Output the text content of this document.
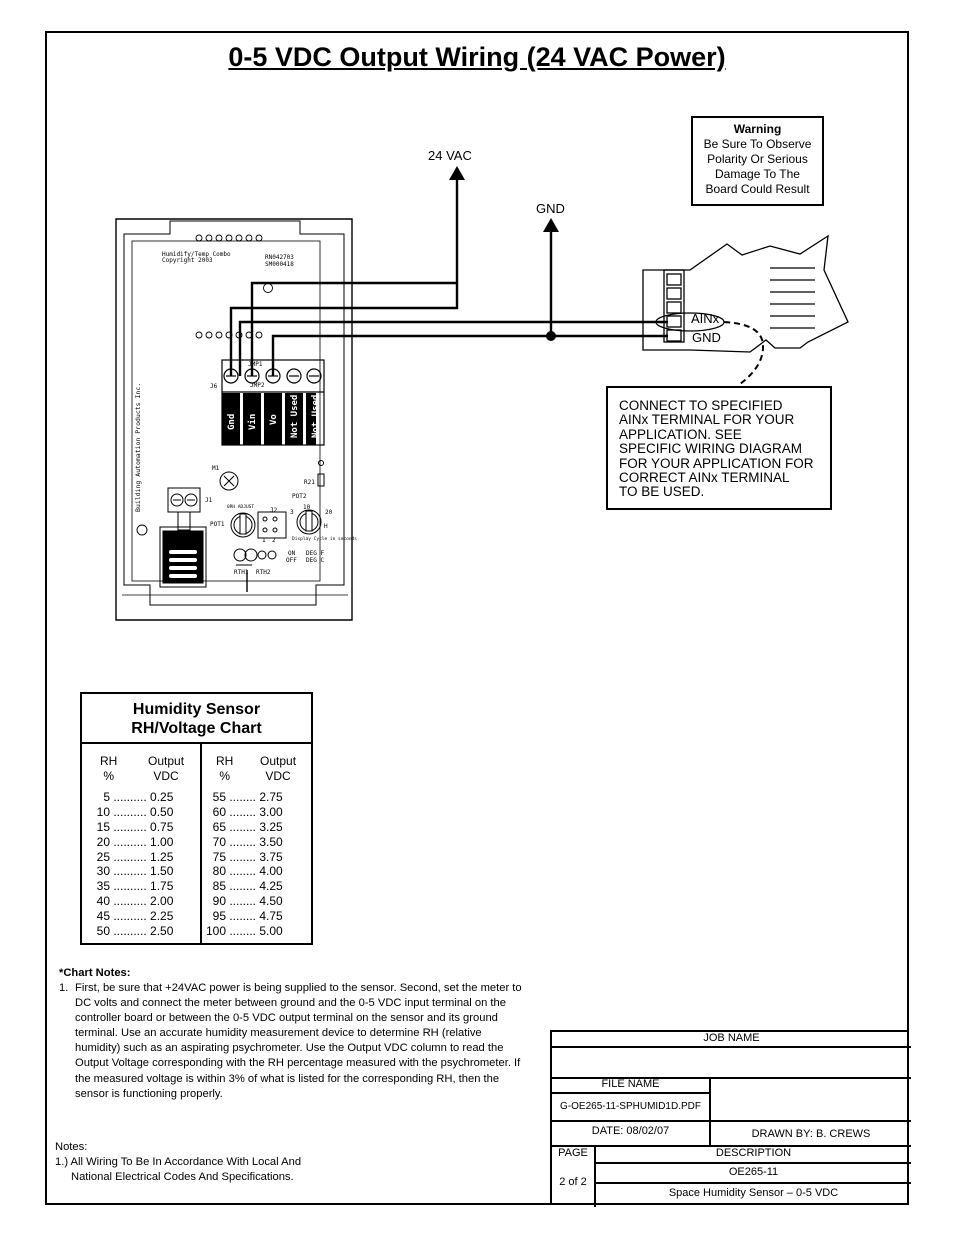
0-5 VDC Output Wiring (24 VAC Power)
Humidify/Temp Combo
Copyright 2003	RN042703
SM000418
Building Automation Products Inc.	Gnd Vin Vo Not Used Not Used
J6
JMP1
JMP2
M1
R21
POT2
J1
POT1
J2
RTH1 RTH2
10
20
3
H
1 2
ON
OFF
DEG F
DEG C
0RH ADJUST
Display Cycle in seconds
24 VAC
GND
AINx
GND
Warning
Be Sure To Observe
Polarity Or Serious
Damage To The
Board Could Result
CONNECT TO SPECIFIED
AINx TERMINAL FOR YOUR
APPLICATION. SEE
SPECIFIC WIRING DIAGRAM
FOR YOUR APPLICATION FOR
CORRECT AINx TERMINAL
TO BE USED.
Humidity Sensor
RH/Voltage Chart
RH
%
Output
VDC
5 .......... 0.25
10 .......... 0.50
15 .......... 0.75
20 .......... 1.00
25 .......... 1.25
30 .......... 1.50
35 .......... 1.75
40 .......... 2.00
45 .......... 2.25
50 .......... 2.50
RH
%
Output
VDC
55 ........ 2.75
60 ........ 3.00
65 ........ 3.25
70 ........ 3.50
75 ........ 3.75
80 ........ 4.00
85 ........ 4.25
90 ........ 4.50
95 ........ 4.75
100 ........ 5.00
*Chart Notes:
1. First, be sure that +24VAC power is being supplied to the sensor. Second, set the meter to DC volts and connect the meter between ground and the 0-5 VDC input terminal on the controller board or between the 0-5 VDC output terminal on the sensor and its ground terminal. Use an accurate humidity measurement device to determine RH (relative humidity) such as an aspirating psychrometer. Use the Output VDC column to read the Output Voltage corresponding with the RH percentage measured with the psychrometer. If the measured voltage is within 3% of what is listed for the corresponding RH, then the sensor is functioning properly.
Notes:
1.) All Wiring To Be In Accordance With Local And
National Electrical Codes And Specifications.
JOB NAME
FILE NAME
G-OE265-11-SPHUMID1D.PDF
DATE: 08/02/07	DRAWN BY: B. CREWS
PAGE
2 of 2
DESCRIPTION
OE265-11
Space Humidity Sensor – 0-5 VDC
